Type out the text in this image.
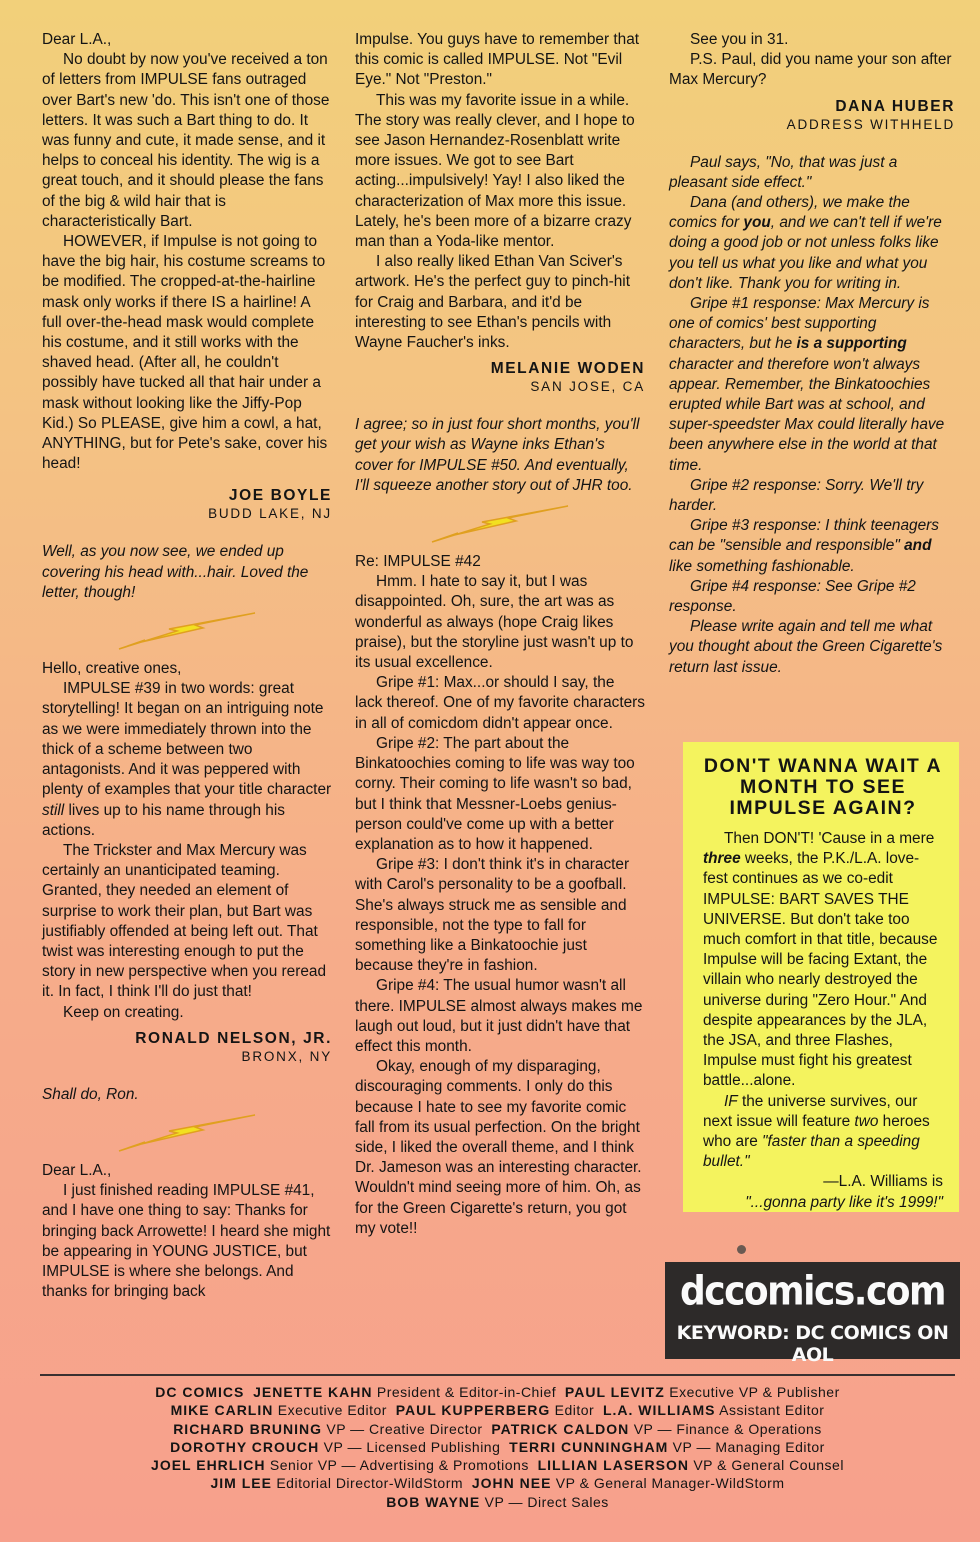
Dear L.A.,

No doubt by now you've received a ton of letters from IMPULSE fans outraged over Bart's new 'do. This isn't one of those letters. It was such a Bart thing to do. It was funny and cute, it made sense, and it helps to conceal his identity. The wig is a great touch, and it should please the fans of the big & wild hair that is characteristically Bart.

HOWEVER, if Impulse is not going to have the big hair, his costume screams to be modified. The cropped-at-the-hairline mask only works if there IS a hairline! A full over-the-head mask would complete his costume, and it still works with the shaved head. (After all, he couldn't possibly have tucked all that hair under a mask without looking like the Jiffy-Pop Kid.) So PLEASE, give him a cowl, a hat, ANYTHING, but for Pete's sake, cover his head!

JOE BOYLE
BUDD LAKE, NJ

Well, as you now see, we ended up covering his head with...hair. Loved the letter, though!

Hello, creative ones,

IMPULSE #39 in two words: great storytelling! It began on an intriguing note as we were immediately thrown into the thick of a scheme between two antagonists. And it was peppered with plenty of examples that your title character still lives up to his name through his actions.

The Trickster and Max Mercury was certainly an unanticipated teaming. Granted, they needed an element of surprise to work their plan, but Bart was justifiably offended at being left out. That twist was interesting enough to put the story in new perspective when you reread it. In fact, I think I'll do just that!

Keep on creating.

RONALD NELSON, JR.
BRONX, NY

Shall do, Ron.

Dear L.A.,

I just finished reading IMPULSE #41, and I have one thing to say: Thanks for bringing back Arrowette! I heard she might be appearing in YOUNG JUSTICE, but IMPULSE is where she belongs. And thanks for bringing back

Impulse. You guys have to remember that this comic is called IMPULSE. Not "Evil Eye." Not "Preston."

This was my favorite issue in a while. The story was really clever, and I hope to see Jason Hernandez-Rosenblatt write more issues. We got to see Bart acting...impulsively! Yay! I also liked the characterization of Max more this issue. Lately, he's been more of a bizarre crazy man than a Yoda-like mentor.

I also really liked Ethan Van Sciver's artwork. He's the perfect guy to pinch-hit for Craig and Barbara, and it'd be interesting to see Ethan's pencils with Wayne Faucher's inks.

MELANIE WODEN
SAN JOSE, CA

I agree; so in just four short months, you'll get your wish as Wayne inks Ethan's cover for IMPULSE #50. And eventually, I'll squeeze another story out of JHR too.

Re: IMPULSE #42

Hmm. I hate to say it, but I was disappointed. Oh, sure, the art was as wonderful as always (hope Craig likes praise), but the storyline just wasn't up to its usual excellence.

Gripe #1: Max...or should I say, the lack thereof. One of my favorite characters in all of comicdom didn't appear once.

Gripe #2: The part about the Binkatoochies coming to life was way too corny. Their coming to life wasn't so bad, but I think that Messner-Loebs genius-person could've come up with a better explanation as to how it happened.

Gripe #3: I don't think it's in character with Carol's personality to be a goofball. She's always struck me as sensible and responsible, not the type to fall for something like a Binkatoochie just because they're in fashion.

Gripe #4: The usual humor wasn't all there. IMPULSE almost always makes me laugh out loud, but it just didn't have that effect this month.

Okay, enough of my disparaging, discouraging comments. I only do this because I hate to see my favorite comic fall from its usual perfection. On the bright side, I liked the overall theme, and I think Dr. Jameson was an interesting character. Wouldn't mind seeing more of him. Oh, as for the Green Cigarette's return, you got my vote!!

See you in 31.

P.S. Paul, did you name your son after Max Mercury?

DANA HUBER
ADDRESS WITHHELD

Paul says, "No, that was just a pleasant side effect."

Dana (and others), we make the comics for you, and we can't tell if we're doing a good job or not unless folks like you tell us what you like and what you don't like. Thank you for writing in.

Gripe #1 response: Max Mercury is one of comics' best supporting characters, but he is a supporting character and therefore won't always appear. Remember, the Binkatoochies erupted while Bart was at school, and super-speedster Max could literally have been anywhere else in the world at that time.

Gripe #2 response: Sorry. We'll try harder.

Gripe #3 response: I think teenagers can be "sensible and responsible" and like something fashionable.

Gripe #4 response: See Gripe #2 response.

Please write again and tell me what you thought about the Green Cigarette's return last issue.

DON'T WANNA WAIT A MONTH TO SEE IMPULSE AGAIN?

Then DON'T! 'Cause in a mere three weeks, the P.K./L.A. love-fest continues as we co-edit IMPULSE: BART SAVES THE UNIVERSE. But don't take too much comfort in that title, because Impulse will be facing Extant, the villain who nearly destroyed the universe during "Zero Hour." And despite appearances by the JLA, the JSA, and three Flashes, Impulse must fight his greatest battle...alone.

IF the universe survives, our next issue will feature two heroes who are "faster than a speeding bullet."

—L.A. Williams is
"...gonna party like it's 1999!"
dccomics.com
KEYWORD: DC COMICS ON AOL
DC COMICS JENETTE KAHN President & Editor-in-Chief PAUL LEVITZ Executive VP & Publisher
MIKE CARLIN Executive Editor PAUL KUPPERBERG Editor L.A. WILLIAMS Assistant Editor
RICHARD BRUNING VP — Creative Director PATRICK CALDON VP — Finance & Operations
DOROTHY CROUCH VP — Licensed Publishing TERRI CUNNINGHAM VP — Managing Editor
JOEL EHRLICH Senior VP — Advertising & Promotions LILLIAN LASERSON VP & General Counsel
JIM LEE Editorial Director-WildStorm JOHN NEE VP & General Manager-WildStorm
BOB WAYNE VP — Direct Sales
